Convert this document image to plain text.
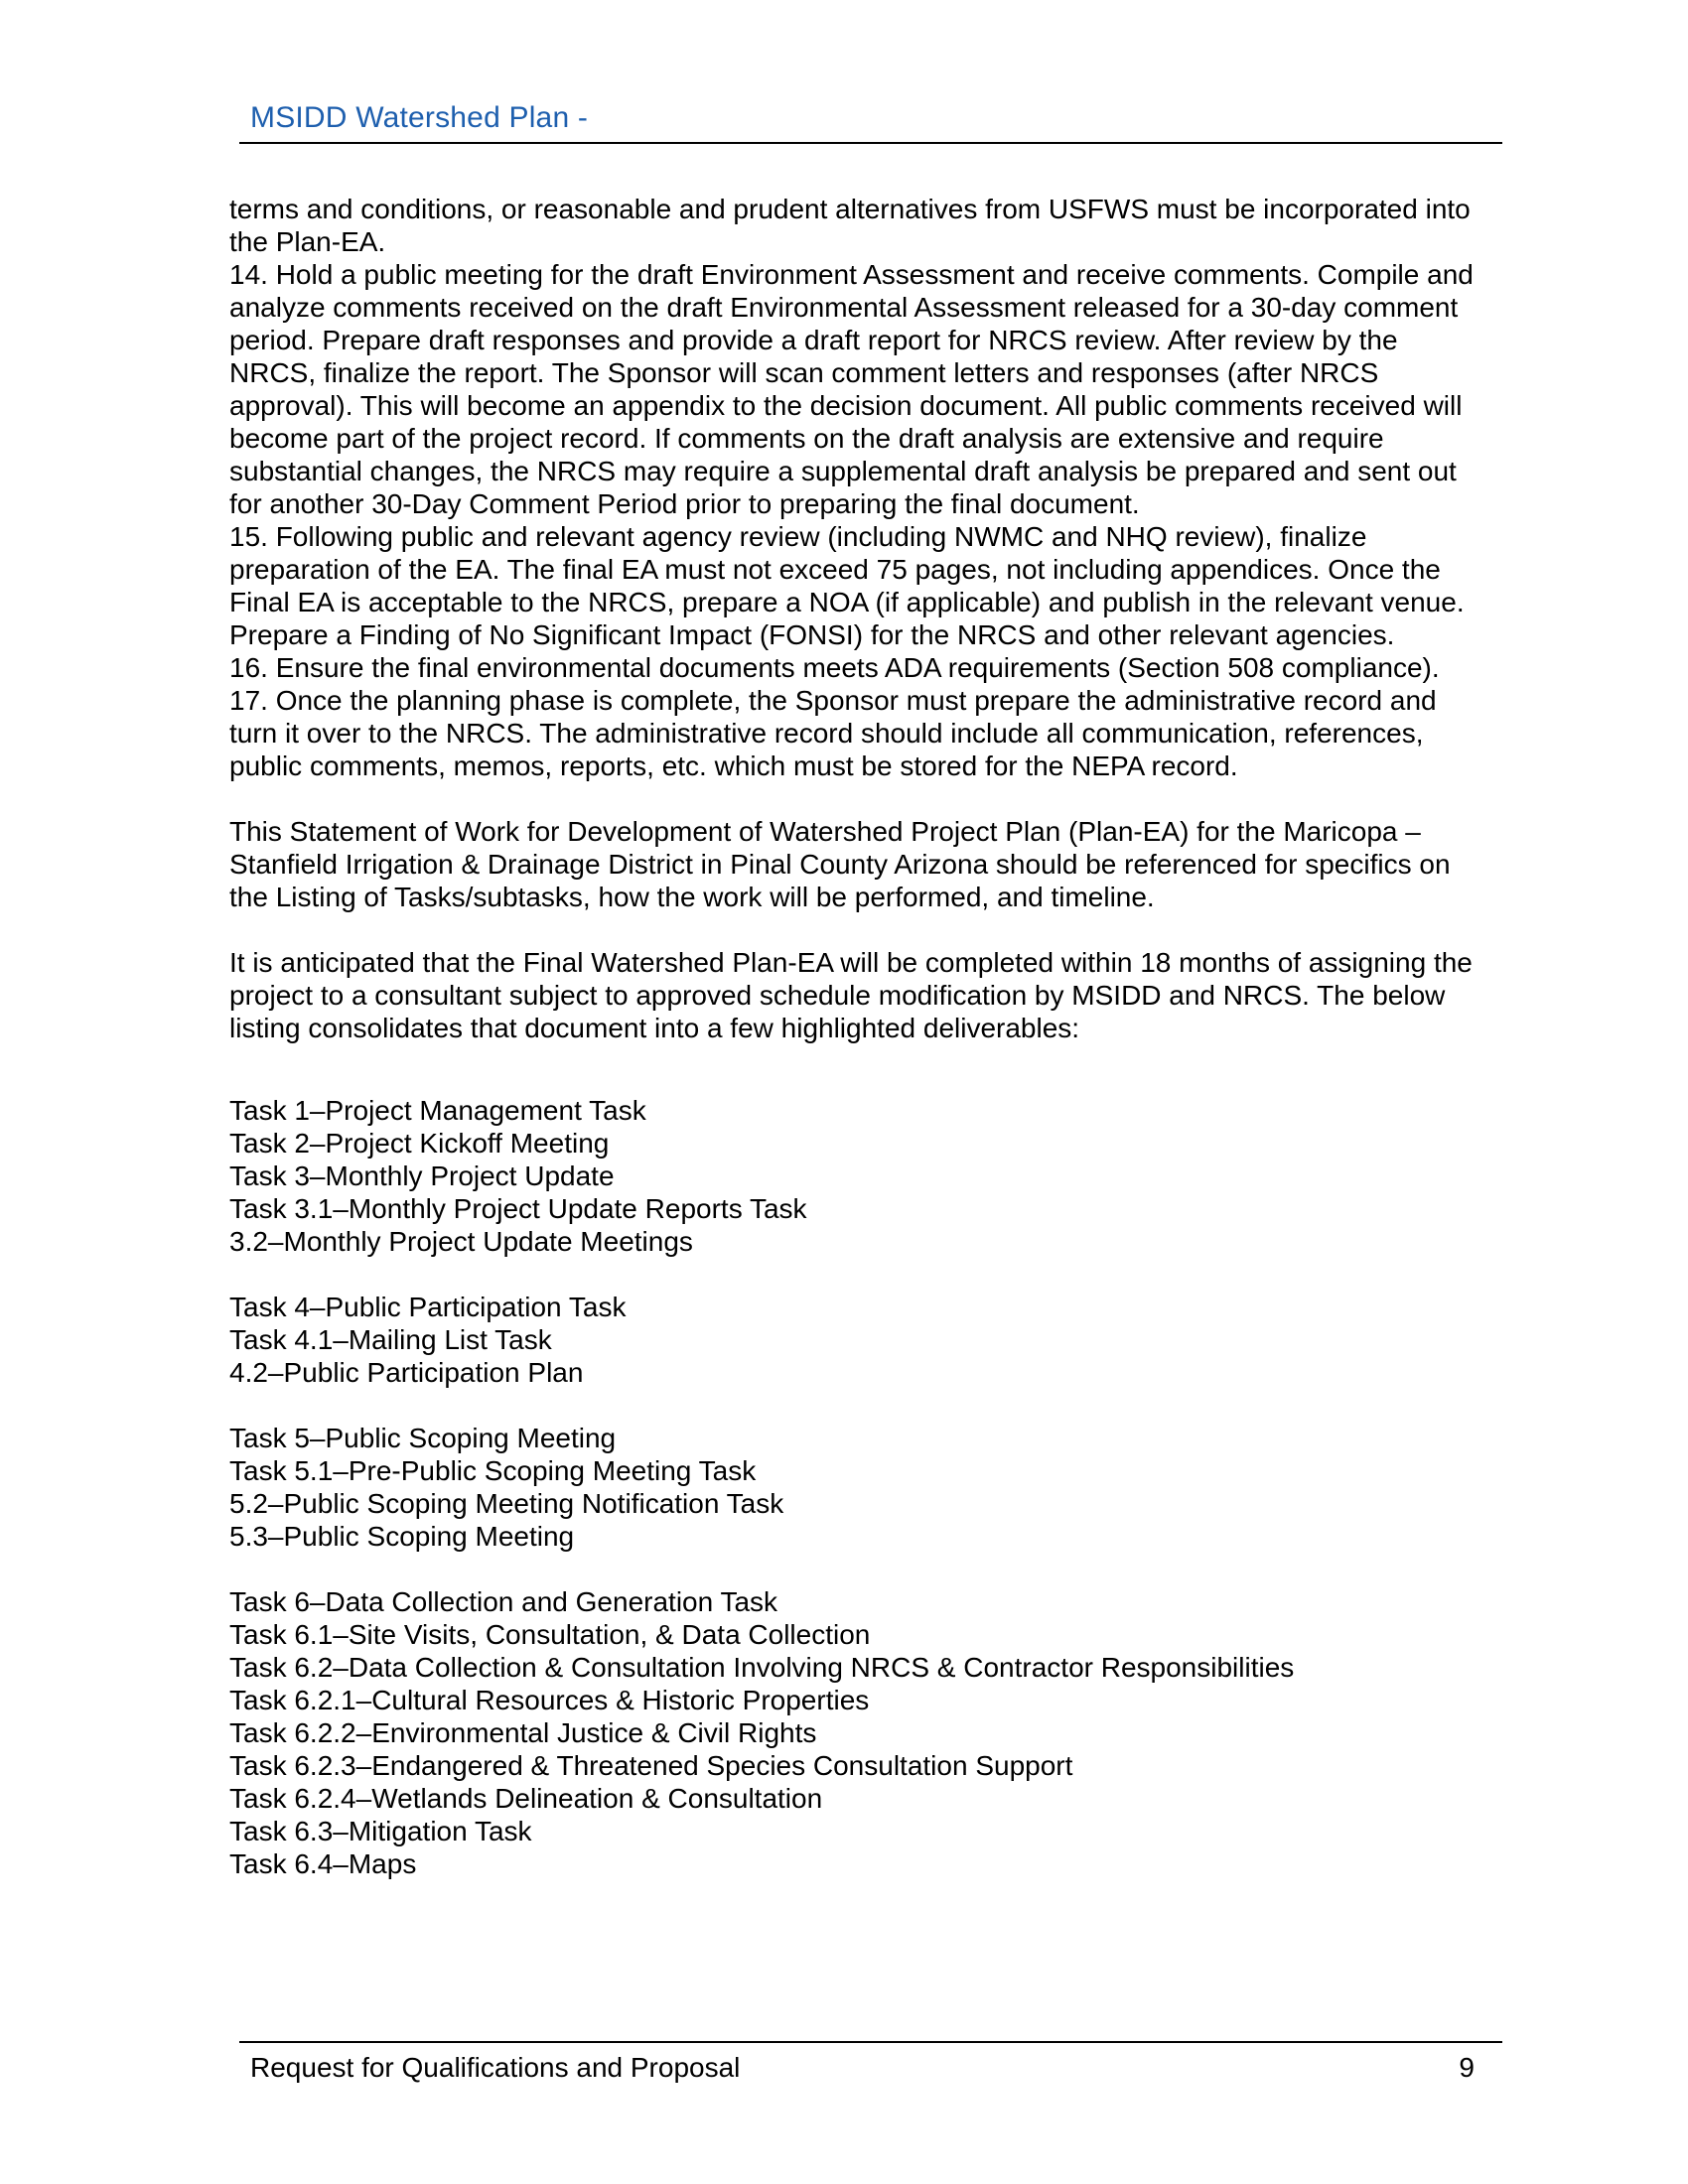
MSIDD Watershed Plan -

terms and conditions, or reasonable and prudent alternatives from USFWS must be incorporated into the Plan-EA.

14. Hold a public meeting for the draft Environment Assessment and receive comments. Compile and analyze comments received on the draft Environmental Assessment released for a 30-day comment period. Prepare draft responses and provide a draft report for NRCS review. After review by the NRCS, finalize the report. The Sponsor will scan comment letters and responses (after NRCS approval). This will become an appendix to the decision document. All public comments received will become part of the project record. If comments on the draft analysis are extensive and require substantial changes, the NRCS may require a supplemental draft analysis be prepared and sent out for another 30-Day Comment Period prior to preparing the final document.

15. Following public and relevant agency review (including NWMC and NHQ review), finalize preparation of the EA. The final EA must not exceed 75 pages, not including appendices. Once the Final EA is acceptable to the NRCS, prepare a NOA (if applicable) and publish in the relevant venue. Prepare a Finding of No Significant Impact (FONSI) for the NRCS and other relevant agencies.

16. Ensure the final environmental documents meets ADA requirements (Section 508 compliance).

17. Once the planning phase is complete, the Sponsor must prepare the administrative record and turn it over to the NRCS. The administrative record should include all communication, references, public comments, memos, reports, etc. which must be stored for the NEPA record.

This Statement of Work for Development of Watershed Project Plan (Plan-EA) for the Maricopa – Stanfield Irrigation & Drainage District in Pinal County Arizona should be referenced for specifics on the Listing of Tasks/subtasks, how the work will be performed, and timeline.

It is anticipated that the Final Watershed Plan-EA will be completed within 18 months of assigning the project to a consultant subject to approved schedule modification by MSIDD and NRCS. The below listing consolidates that document into a few highlighted deliverables:

Task 1–Project Management Task
Task 2–Project Kickoff Meeting
Task 3–Monthly Project Update
Task 3.1–Monthly Project Update Reports Task
3.2–Monthly Project Update Meetings
Task 4–Public Participation Task
Task 4.1–Mailing List Task
4.2–Public Participation Plan
Task 5–Public Scoping Meeting
Task 5.1–Pre-Public Scoping Meeting Task
5.2–Public Scoping Meeting Notification Task
5.3–Public Scoping Meeting
Task 6–Data Collection and Generation Task
Task 6.1–Site Visits, Consultation, & Data Collection
Task 6.2–Data Collection & Consultation Involving NRCS & Contractor Responsibilities
Task 6.2.1–Cultural Resources & Historic Properties
Task 6.2.2–Environmental Justice & Civil Rights
Task 6.2.3–Endangered & Threatened Species Consultation Support
Task 6.2.4–Wetlands Delineation & Consultation
Task 6.3–Mitigation Task
Task 6.4–Maps
Request for Qualifications and Proposal	9
